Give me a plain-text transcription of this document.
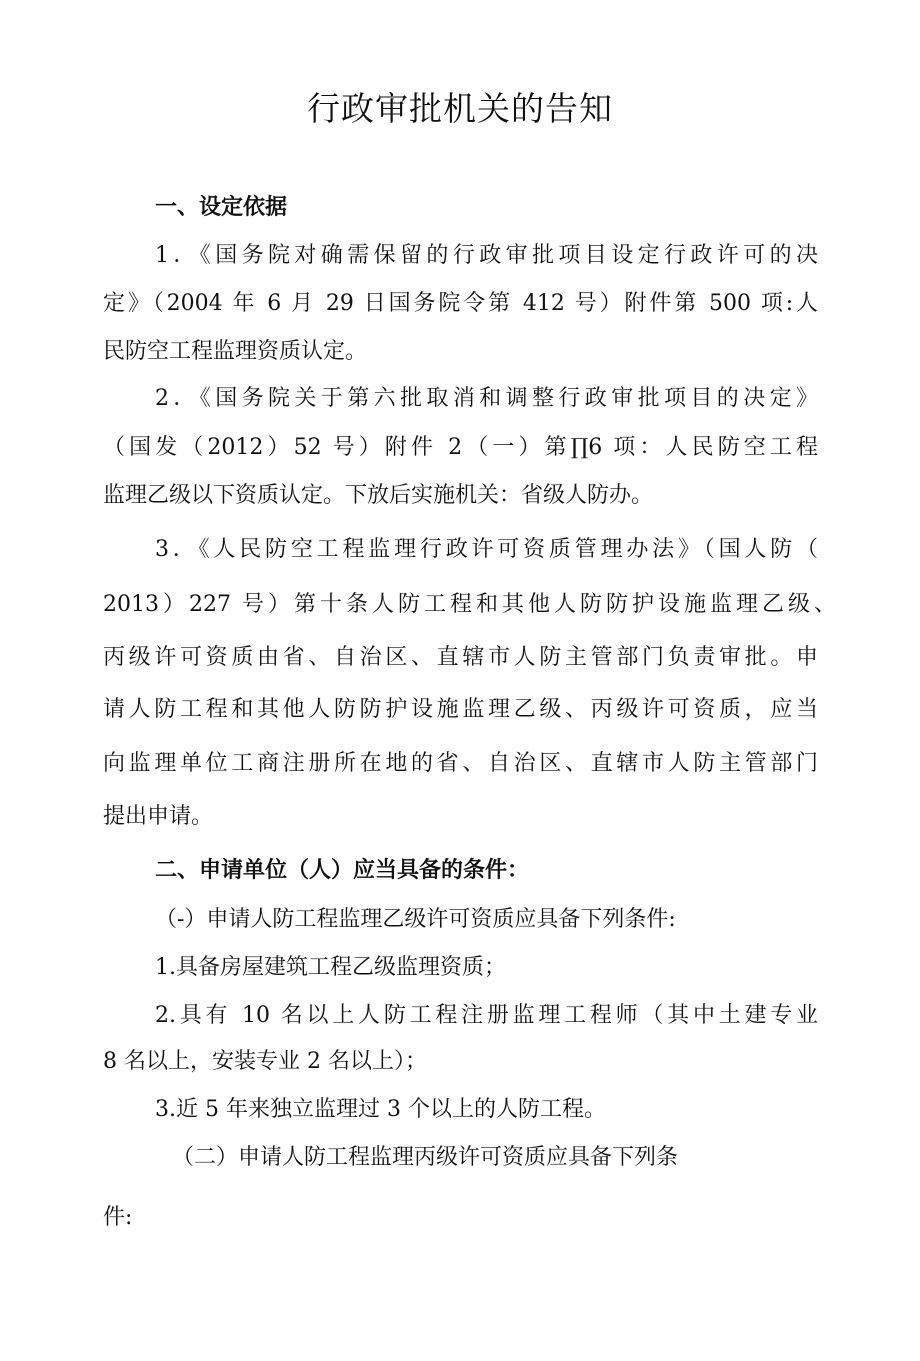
行政审批机关的告知
一、设定依据
1．《国务院对确需保留的行政审批项目设定行政许可的决
定》（2004 年 6 月 29 日国务院令第 412 号）附件第 500 项:人
民防空工程监理资质认定。
2．《国务院关于第六批取消和调整行政审批项目的决定》
（国发（2012）52 号）附件 2（一）第∏6 项：人民防空工程
监理乙级以下资质认定。下放后实施机关：省级人防办。
3．《人民防空工程监理行政许可资质管理办法》（国人防（
2013）227 号）第十条人防工程和其他人防防护设施监理乙级、
丙级许可资质由省、自治区、直辖市人防主管部门负责审批。申
请人防工程和其他人防防护设施监理乙级、丙级许可资质，应当
向监理单位工商注册所在地的省、自治区、直辖市人防主管部门
提出申请。
二、申请单位（人）应当具备的条件：
（-）申请人防工程监理乙级许可资质应具备下列条件:
1.具备房屋建筑工程乙级监理资质；
2.具有 10 名以上人防工程注册监理工程师（其中土建专业
8 名以上，安装专业 2 名以上）；
3.近 5 年来独立监理过 3 个以上的人防工程。
（二）申请人防工程监理丙级许可资质应具备下列条
件:
